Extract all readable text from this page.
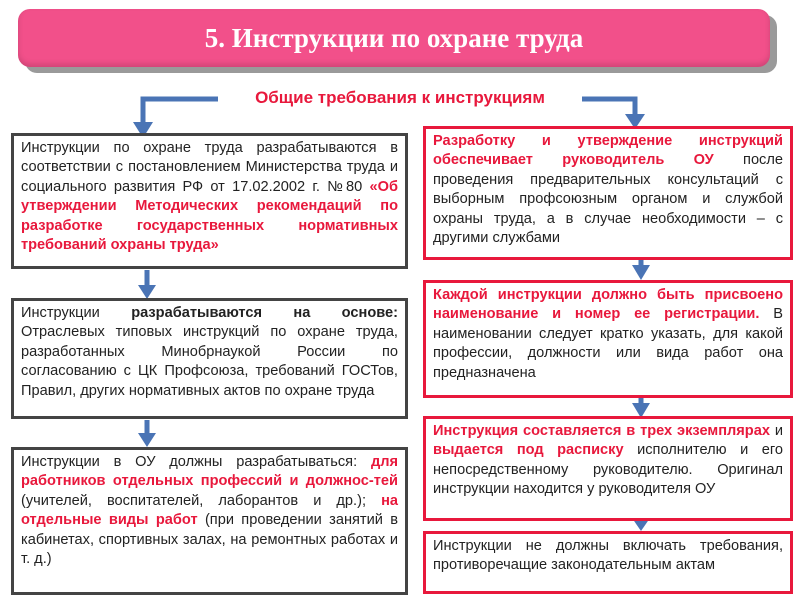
5. Инструкции по охране труда
Общие требования к инструкциям
Инструкции по охране труда разрабатываются в соответствии с постановлением Министерства труда и социального развития РФ от 17.02.2002 г. №80 «Об утверждении Методических рекомендаций по разработке государственных нормативных требований охраны труда»
Инструкции разрабатываются на основе: Отраслевых типовых инструкций по охране труда, разработанных Минобрнаукой России по согласованию с ЦК Профсоюза, требований ГОСТов, Правил, других нормативных актов по охране труда
Инструкции в ОУ должны разрабатываться: для работников отдельных профессий и должнос-тей (учителей, воспитателей, лаборантов и др.); на отдельные виды работ (при проведении занятий в кабинетах, спортивных залах, на ремонтных работах и т. д.)
Разработку и утверждение инструкций обеспечивает руководитель ОУ после проведения предварительных консультаций с выборным профсоюзным органом и службой охраны труда, а в случае необходимости – с другими службами
Каждой инструкции должно быть присвоено наименование и номер ее регистрации. В наименовании следует кратко указать, для какой профессии, должности или вида работ она предназначена
Инструкция составляется в трех экземплярах и выдается под расписку исполнителю и его непосредственному руководителю. Оригинал инструкции находится у руководителя ОУ
Инструкции не должны включать требования, противоречащие законодательным актам
